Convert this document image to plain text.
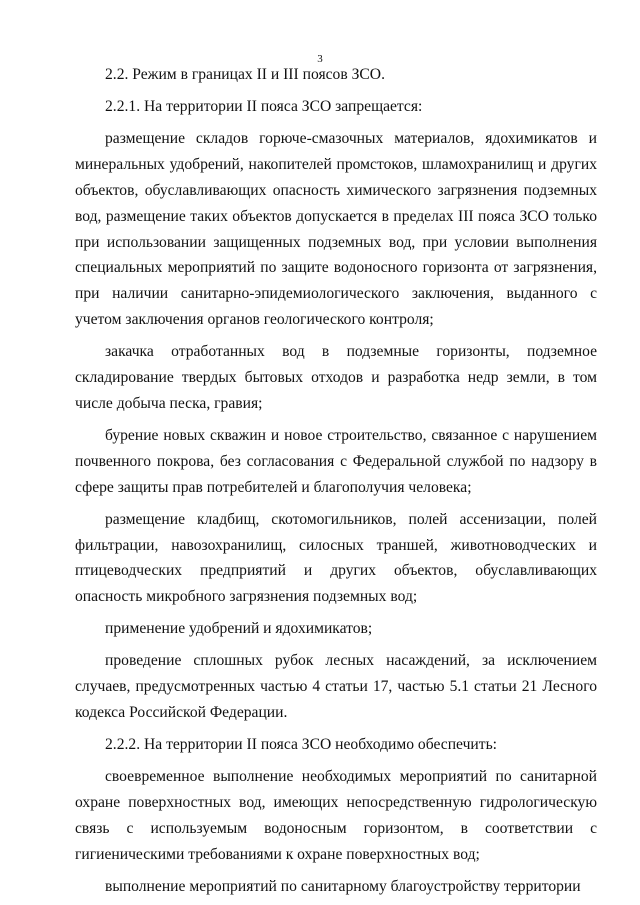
3

2.2. Режим в границах II и III поясов ЗСО.

2.2.1. На территории II пояса ЗСО запрещается:

размещение складов горюче-смазочных материалов, ядохимикатов и минеральных удобрений, накопителей промстоков, шламохранилищ и других объектов, обуславливающих опасность химического загрязнения подземных вод, размещение таких объектов допускается в пределах III пояса ЗСО только при использовании защищенных подземных вод, при условии выполнения специальных мероприятий по защите водоносного горизонта от загрязнения, при наличии санитарно-эпидемиологического заключения, выданного с учетом заключения органов геологического контроля;

закачка отработанных вод в подземные горизонты, подземное складирование твердых бытовых отходов и разработка недр земли, в том числе добыча песка, гравия;

бурение новых скважин и новое строительство, связанное с нарушением почвенного покрова, без согласования с Федеральной службой по надзору в сфере защиты прав потребителей и благополучия человека;

размещение кладбищ, скотомогильников, полей ассенизации, полей фильтрации, навозохранилищ, силосных траншей, животноводческих и птицеводческих предприятий и других объектов, обуславливающих опасность микробного загрязнения подземных вод;

применение удобрений и ядохимикатов;

проведение сплошных рубок лесных насаждений, за исключением случаев, предусмотренных частью 4 статьи 17, частью 5.1 статьи 21 Лесного кодекса Российской Федерации.

2.2.2. На территории II пояса ЗСО необходимо обеспечить:

своевременное выполнение необходимых мероприятий по санитарной охране поверхностных вод, имеющих непосредственную гидрологическую связь с используемым водоносным горизонтом, в соответствии с гигиеническими требованиями к охране поверхностных вод;

выполнение мероприятий по санитарному благоустройству территории
